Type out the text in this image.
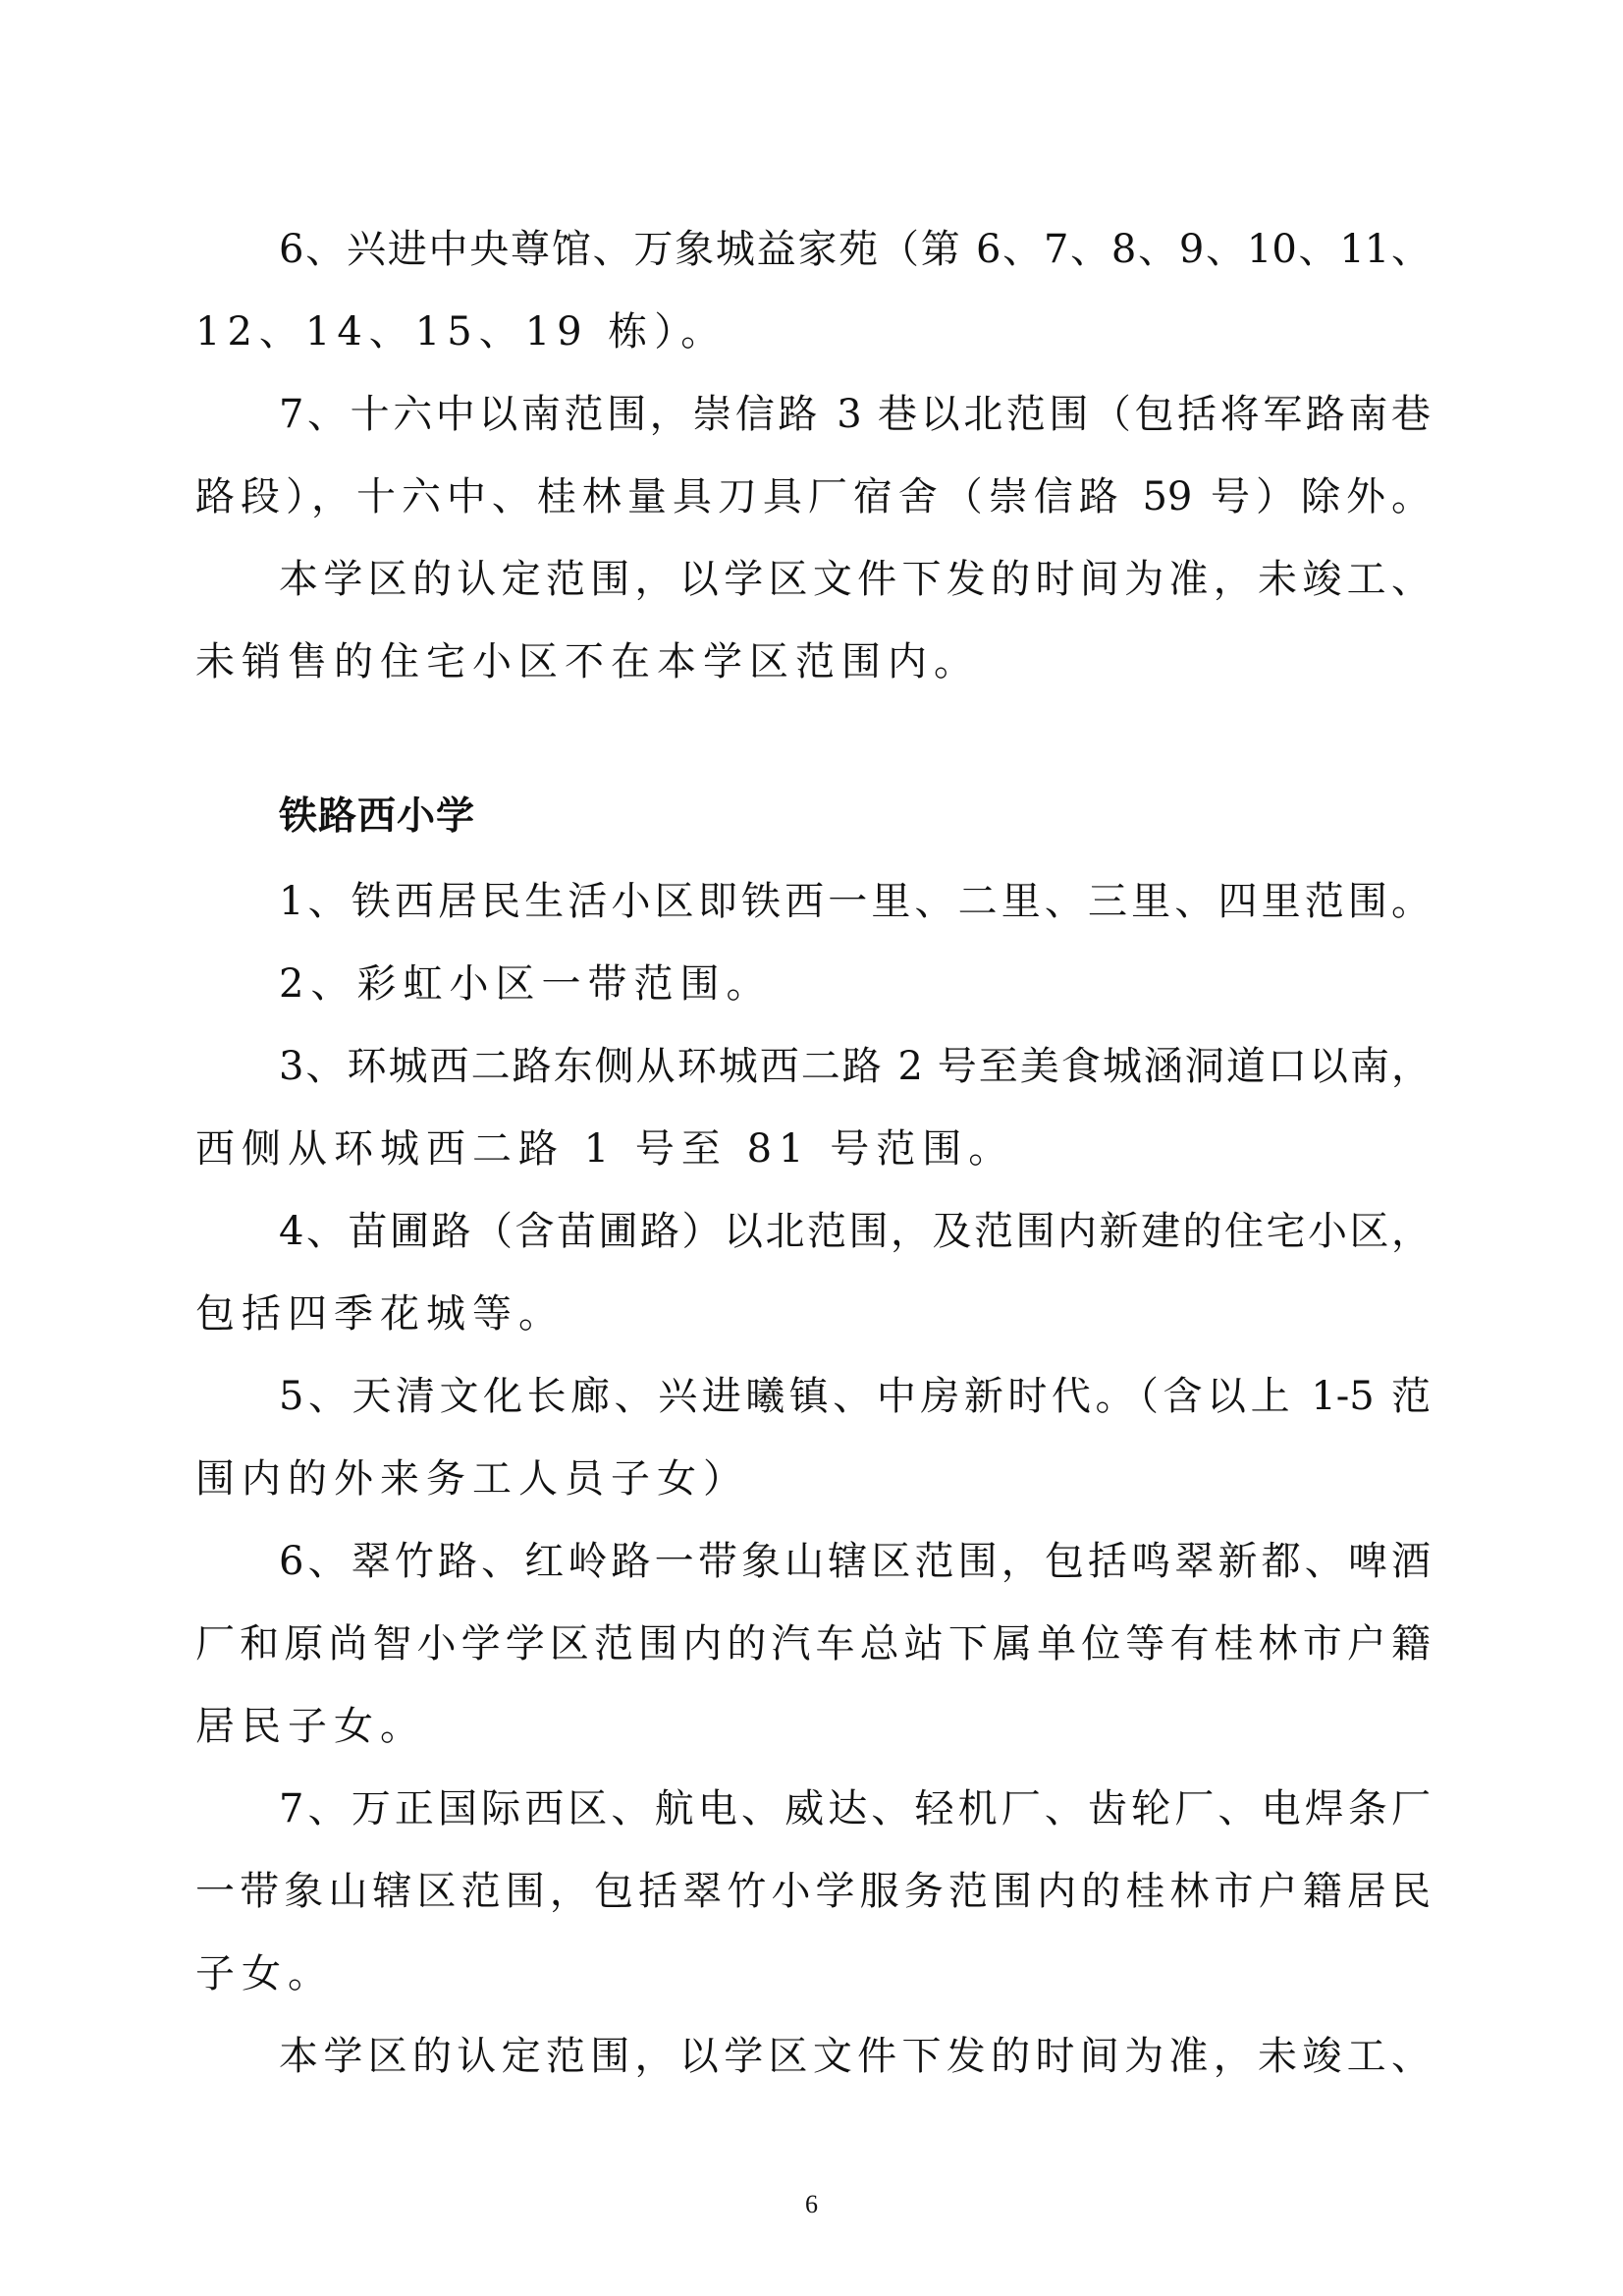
6、兴进中央尊馆、万象城益家苑（第 6、7、8、9、10、11、
12、14、15、19 栋）。
7、十六中以南范围，崇信路 3 巷以北范围（包括将军路南巷
路段），十六中、桂林量具刀具厂宿舍（崇信路 59 号）除外。
本学区的认定范围，以学区文件下发的时间为准，未竣工、
未销售的住宅小区不在本学区范围内。
铁路西小学
1、铁西居民生活小区即铁西一里、二里、三里、四里范围。
2、彩虹小区一带范围。
3、环城西二路东侧从环城西二路 2 号至美食城涵洞道口以南，
西侧从环城西二路 1 号至 81 号范围。
4、苗圃路（含苗圃路）以北范围，及范围内新建的住宅小区，
包括四季花城等。
5、天清文化长廊、兴进曦镇、中房新时代。（含以上 1-5 范
围内的外来务工人员子女）
6、翠竹路、红岭路一带象山辖区范围，包括鸣翠新都、啤酒
厂和原尚智小学学区范围内的汽车总站下属单位等有桂林市户籍
居民子女。
7、万正国际西区、航电、威达、轻机厂、齿轮厂、电焊条厂
一带象山辖区范围，包括翠竹小学服务范围内的桂林市户籍居民
子女。
本学区的认定范围，以学区文件下发的时间为准，未竣工、
6
